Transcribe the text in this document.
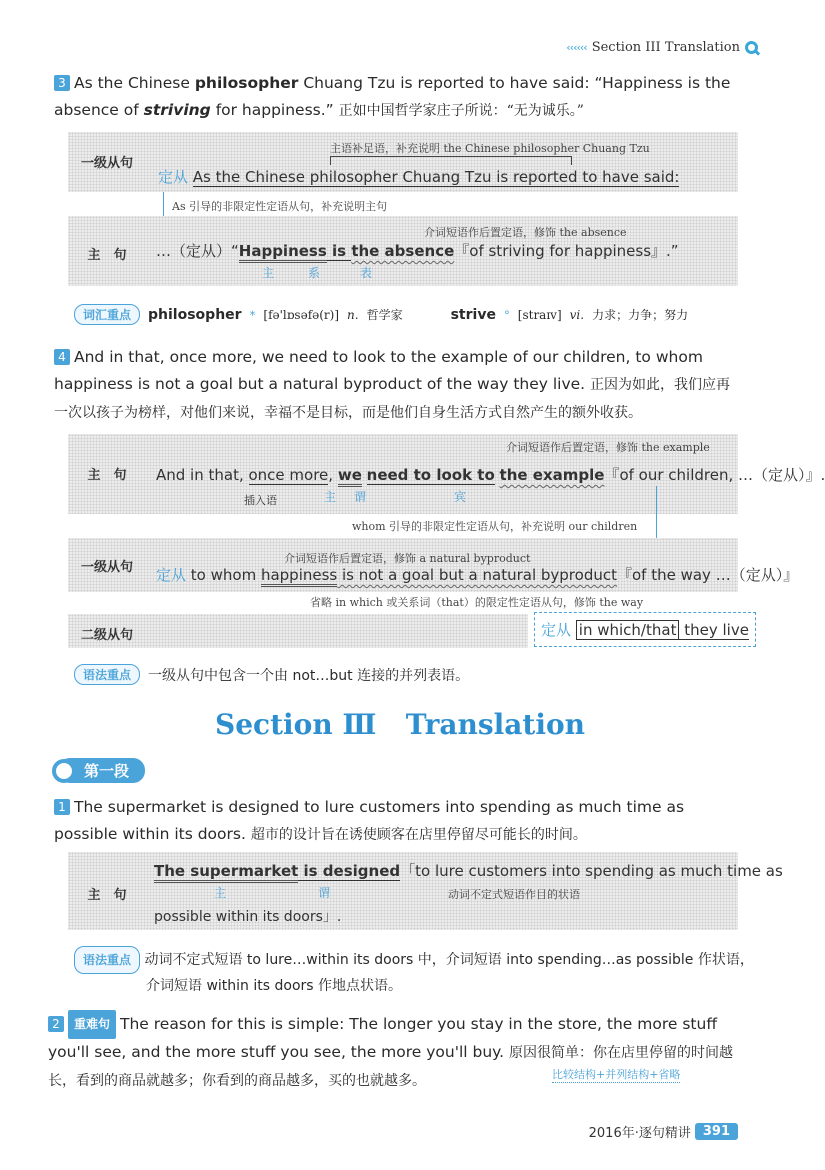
‹‹‹‹‹‹ Section III Translation
3 As the Chinese philosopher Chuang Tzu is reported to have said: “Happiness is the absence of striving for happiness.” 正如中国哲学家庄子所说：“无为诚乐。”
一级从句
主语补足语，补充说明 the Chinese philosopher Chuang Tzu
定从 As the Chinese philosopher Chuang Tzu is reported to have said:
As 引导的非限定性定语从句，补充说明主句
主　句
介词短语作后置定语，修饰 the absence
…（定从）“Happiness is the absence『of striving for happiness』.”
主	系	表
词汇重点	philosopher * [fə'lɒsəfə(r)] n. 哲学家	strive ° [straɪv] vi. 力求；力争；努力
4 And in that, once more, we need to look to the example of our children, to whom happiness is not a goal but a natural byproduct of the way they live. 正因为如此，我们应再一次以孩子为榜样，对他们来说，幸福不是目标，而是他们自身生活方式自然产生的额外收获。
主　句
介词短语作后置定语，修饰 the example
And in that, once more, we need to look to the example『of our children, …（定从）』.
插入语	主 谓	宾
whom 引导的非限定性定语从句，补充说明 our children
一级从句
介词短语作后置定语，修饰 a natural byproduct
定从 to whom happiness is not a goal but a natural byproduct『of the way …（定从）』
省略 in which 或关系词（that）的限定性定语从句，修饰 the way
二级从句	定从 in which/that they live
语法重点	一级从句中包含一个由 not…but 连接的并列表语。
Section Ⅲ Translation
第一段
1 The supermarket is designed to lure customers into spending as much time as possible within its doors. 超市的设计旨在诱使顾客在店里停留尽可能长的时间。
主　句
The supermarket is designed「to lure customers into spending as much time as
主	谓	动词不定式短语作目的状语
possible within its doors」.
语法重点 动词不定式短语 to lure…within its doors 中，介词短语 into spending…as possible 作状语，
介词短语 within its doors 作地点状语。
2 重难句 The reason for this is simple: The longer you stay in the store, the more stuff you'll see, and the more stuff you see, the more you'll buy. 原因很简单：你在店里停留的时间越长，看到的商品就越多；你看到的商品越多，买的也就越多。	比较结构+并列结构+省略
2016年·逐句精讲 391
